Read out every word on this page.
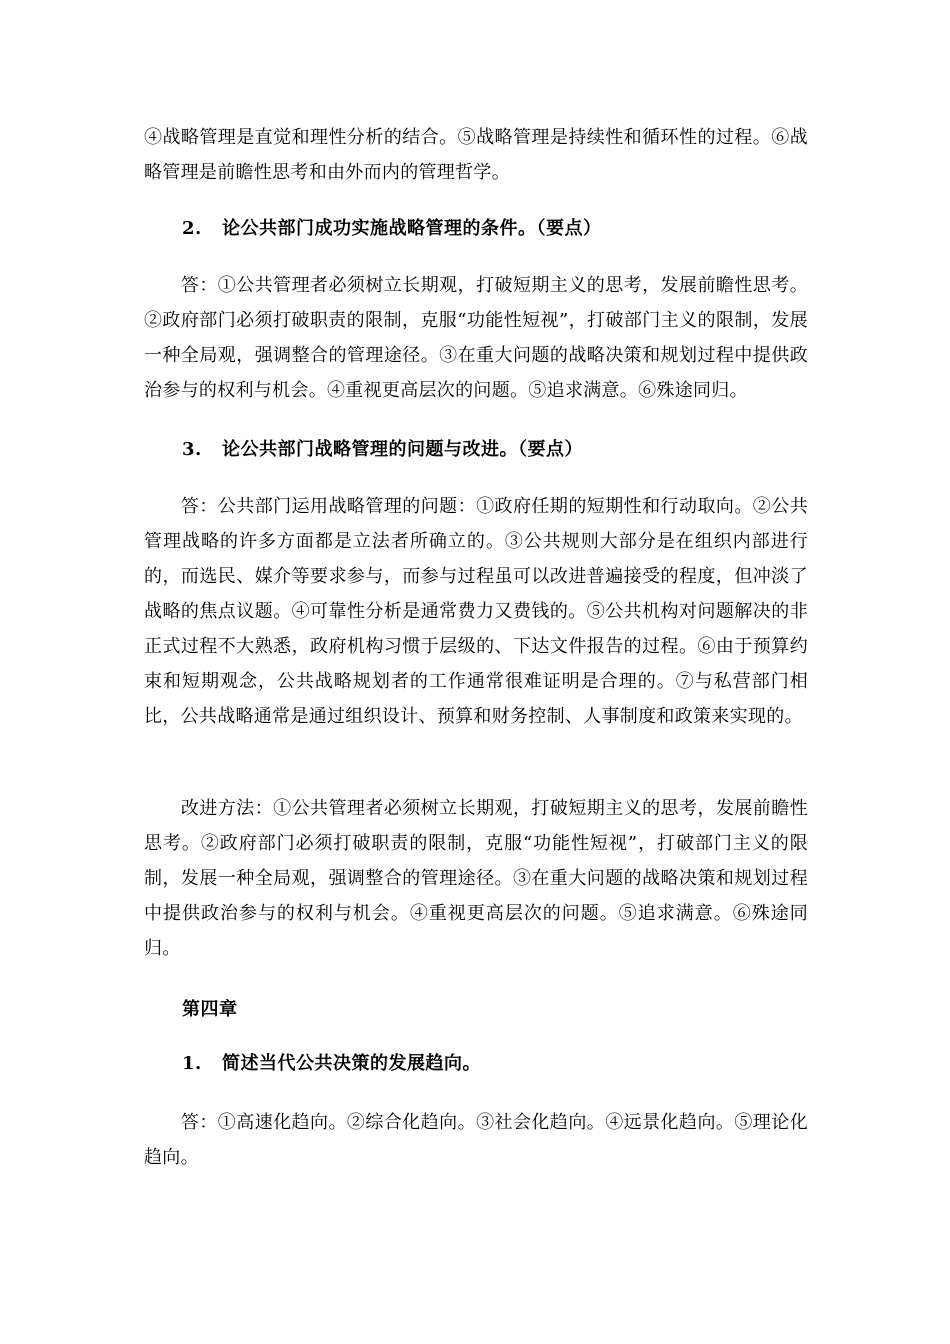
④战略管理是直觉和理性分析的结合。⑤战略管理是持续性和循环性的过程。⑥战略管理是前瞻性思考和由外而内的管理哲学。

2. 论公共部门成功实施战略管理的条件。（要点）

　　答：①公共管理者必须树立长期观，打破短期主义的思考，发展前瞻性思考。②政府部门必须打破职责的限制，克服“功能性短视”，打破部门主义的限制，发展一种全局观，强调整合的管理途径。③在重大问题的战略决策和规划过程中提供政治参与的权利与机会。④重视更高层次的问题。⑤追求满意。⑥殊途同归。

3. 论公共部门战略管理的问题与改进。（要点）

　　答：公共部门运用战略管理的问题：①政府任期的短期性和行动取向。②公共管理战略的许多方面都是立法者所确立的。③公共规则大部分是在组织内部进行的，而选民、媒介等要求参与，而参与过程虽可以改进普遍接受的程度，但冲淡了战略的焦点议题。④可靠性分析是通常费力又费钱的。⑤公共机构对问题解决的非正式过程不大熟悉，政府机构习惯于层级的、下达文件报告的过程。⑥由于预算约束和短期观念，公共战略规划者的工作通常很难证明是合理的。⑦与私营部门相比，公共战略通常是通过组织设计、预算和财务控制、人事制度和政策来实现的。

　　改进方法：①公共管理者必须树立长期观，打破短期主义的思考，发展前瞻性思考。②政府部门必须打破职责的限制，克服“功能性短视”，打破部门主义的限制，发展一种全局观，强调整合的管理途径。③在重大问题的战略决策和规划过程中提供政治参与的权利与机会。④重视更高层次的问题。⑤追求满意。⑥殊途同归。

第四章

1. 简述当代公共决策的发展趋向。

　　答：①高速化趋向。②综合化趋向。③社会化趋向。④远景化趋向。⑤理论化趋向。
